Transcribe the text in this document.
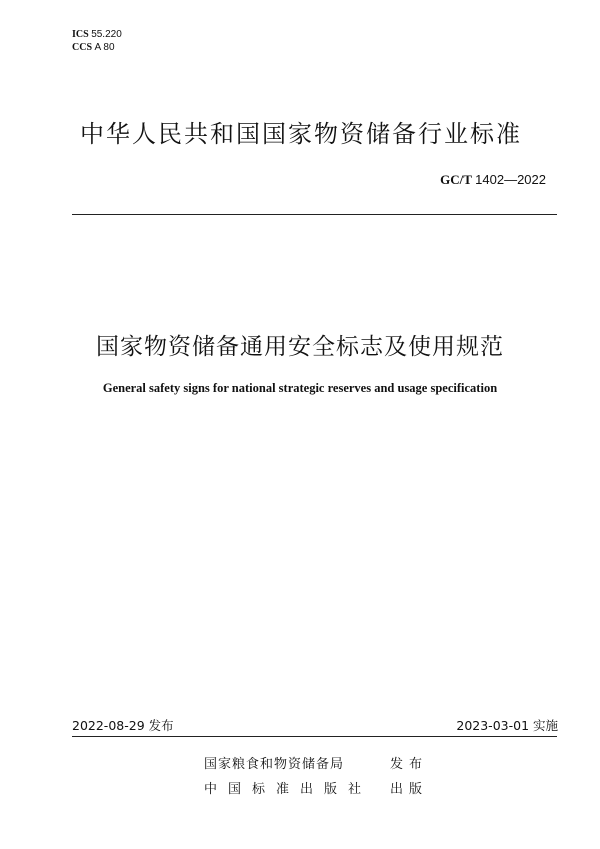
ICS 55.220
CCS A 80
中华人民共和国国家物资储备行业标准
GC/T 1402—2022
国家物资储备通用安全标志及使用规范
General safety signs for national strategic reserves and usage specification
2022-08-29 发布	2023-03-01 实施
国家粮食和物资储备局	发布
中国标准出版社 出版
